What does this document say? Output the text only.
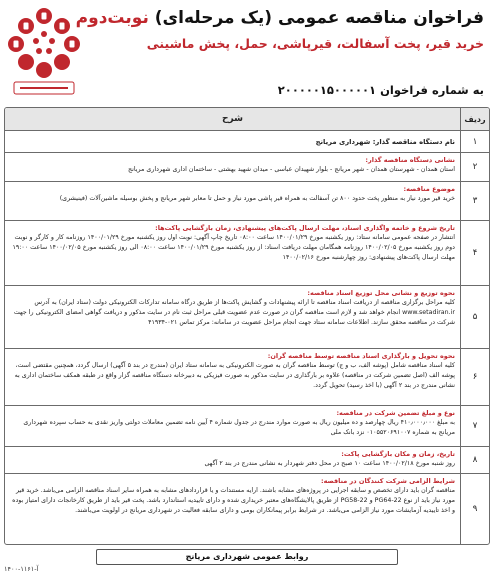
فراخوان مناقصه عمومی (یک مرحله‌ای) نوبت‌دوم
خرید قیر، پخت آسفالت، قیرپاشی، حمل، پخش ماشینی
به شماره فراخوان ۲۰۰۰۰۰۱۵۰۰۰۰۰۱
ردیف
شرح
۱
نام دستگاه مناقصه گذار: شهرداری مریانج
۲
نشانی دستگاه مناقصه گذار:
استان همدان - شهرستان همدان - شهر مریانج - بلوار شهیدان عباسی - میدان شهید بهشتی - ساختمان اداری شهرداری مریانج
۳
موضوع مناقصه:
خرید قیر مورد نیاز به منظور پخت حدود ۸۰۰ تن آسفالت به همراه قیر پاشی مورد نیاز و حمل تا معابر شهر مریانج و پخش بوسیله ماشین‌آلات (فینیشری)
۴
تاریخ شروع و خاتمه واگذاری اسناد، مهلت ارسال پاکت‌های پیشنهادی، زمان بازگشایی پاکت‌ها:
انتشار در صفحه عمومی سامانه ستاد: روز یکشنبه مورخ ۱۴۰۰/۰۱/۲۹ ساعت ۰۸:۰۰ تاریخ چاپ آگهی: نوبت اول روز یکشنبه مورخ ۱۴۰۰/۰۱/۲۹ روزنامه کار و کارگر و نوبت دوم روز یکشنبه مورخ ۱۴۰۰/۰۲/۰۵ روزنامه همگامان مهلت دریافت اسناد: از روز یکشنبه مورخ ۱۴۰۰/۰۱/۲۹ ساعت ۰۸:۰۰ الی روز یکشنبه مورخ ۱۴۰۰/۰۲/۰۵ ساعت ۱۹:۰۰ مهلت ارسال پاکت‌های پیشنهادی: روز چهارشنبه مورخ ۱۴۰۰/۰۲/۱۶
۵
نحوه توزیع و نشانی محل توزیع اسناد مناقصه:
کلیه مراحل برگزاری مناقصه از دریافت اسناد مناقصه تا ارائه پیشنهادات و گشایش پاکت‌ها از طریق درگاه سامانه تدارکات الکترونیکی دولت (ستاد ایران) به آدرس www.setadiran.ir انجام خواهد شد و لازم است مناقصه گران در صورت عدم عضویت قبلی مراحل ثبت نام در سایت مذکور و دریافت گواهی امضای الکترونیکی را جهت شرکت در مناقصه محقق سازند. اطلاعات سامانه ستاد جهت انجام مراحل عضویت در سامانه: مرکز تماس ۰۲۱-۴۱۹۳۴
۶
نحوه تحویل و بارگذاری اسناد مناقصه توسط مناقصه گران:
کلیه اسناد مناقصه شامل (پوشه الف، ب و ج) توسط مناقصه گران به صورت الکترونیکی به سامانه ستاد ایران (مندرج در بند ۵ آگهی) ارسال گردد، همچنین مقتضی است، پوشه الف (اصل تضمین شرکت در مناقصه) علاوه بر بارگذاری در سایت مذکور به صورت فیزیکی به دبیرخانه دستگاه مناقصه گزار واقع در طبقه همکف ساختمان اداری به نشانی مندرج در بند ۲ آگهی (با اخذ رسید) تحویل گردد.
۷
نوع و مبلغ تضمین شرکت در مناقصه:
به مبلغ ۴۱۰٫۰۰۰٫۰۰۰ ریال چهارصد و ده میلیون ریال به صورت موارد مندرج در جدول شماره ۴ آیین نامه تضمین معاملات دولتی واریز نقدی به حساب سپرده شهرداری مریانج به شماره ۰۱۰۵۵۲۰۶۹۱۰۰۷ نزد بانک ملی
۸
تاریخ، زمان و مکان بازگشایی پاکت:
روز شنبه مورخ ۱۴۰۰/۰۲/۱۸ ساعت ۱۰ صبح در محل دفتر شهردار به نشانی مندرج در بند ۲ آگهی
۹
شرایط الزامی شرکت کنندگان در مناقصه:
مناقصه گران باید دارای تخصص و سابقه اجرایی در پروژه‌های مشابه باشند. ارایه مستندات و یا قراردادهای مشابه به همراه سایر اسناد مناقصه الزامی می‌باشد. خرید قیر مورد نیاز باید از نوع PG64-22 و PG58-22 از طریق پالایشگاه‌های معتبر خریداری شده و دارای تاییدیه استاندارد باشد. پخت قیر باید از طریق کارخانجات دارای امتیاز بوده و اخذ تاییدیه آزمایشات مورد نیاز الزامی می‌باشد. در شرایط برابر پیمانکاران بومی و دارای سابقه فعالیت در شهرداری مریانج در اولویت می‌باشند.
روابط عمومی شهرداری مریانج
آ-۱۱۶۱-۱۴۰۰
